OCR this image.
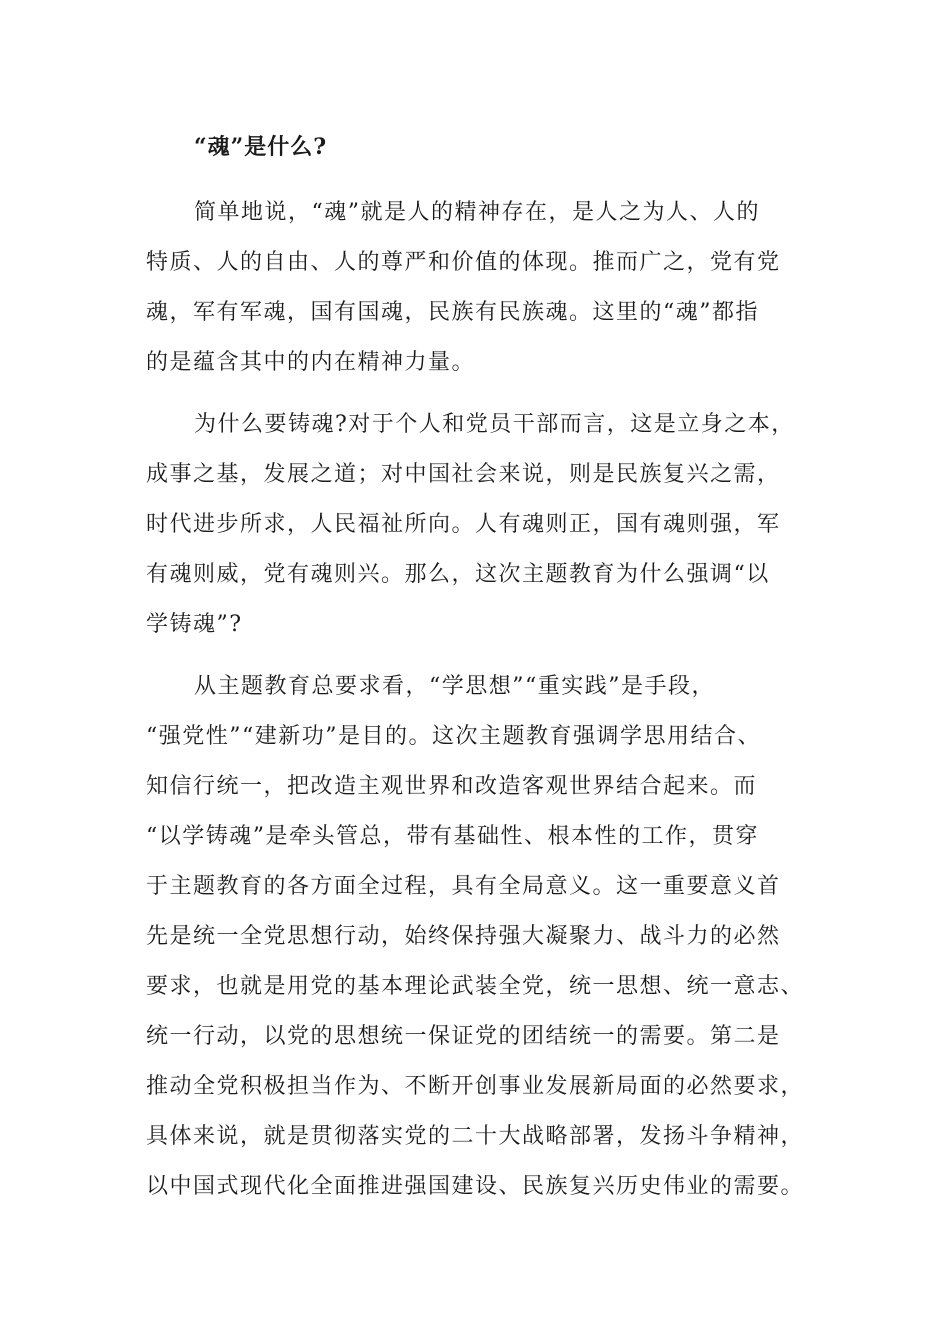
“魂”是什么?
简单地说，“魂”就是人的精神存在，是人之为人、人的
特质、人的自由、人的尊严和价值的体现。推而广之，党有党
魂，军有军魂，国有国魂，民族有民族魂。这里的“魂”都指
的是蕴含其中的内在精神力量。
为什么要铸魂?对于个人和党员干部而言，这是立身之本，
成事之基，发展之道；对中国社会来说，则是民族复兴之需，
时代进步所求，人民福祉所向。人有魂则正，国有魂则强，军
有魂则威，党有魂则兴。那么，这次主题教育为什么强调“以
学铸魂”?
从主题教育总要求看，“学思想”“重实践”是手段，
“强党性”“建新功”是目的。这次主题教育强调学思用结合、
知信行统一，把改造主观世界和改造客观世界结合起来。而
“以学铸魂”是牵头管总，带有基础性、根本性的工作，贯穿
于主题教育的各方面全过程，具有全局意义。这一重要意义首
先是统一全党思想行动，始终保持强大凝聚力、战斗力的必然
要求，也就是用党的基本理论武装全党，统一思想、统一意志、
统一行动，以党的思想统一保证党的团结统一的需要。第二是
推动全党积极担当作为、不断开创事业发展新局面的必然要求，
具体来说，就是贯彻落实党的二十大战略部署，发扬斗争精神，
以中国式现代化全面推进强国建设、民族复兴历史伟业的需要。
